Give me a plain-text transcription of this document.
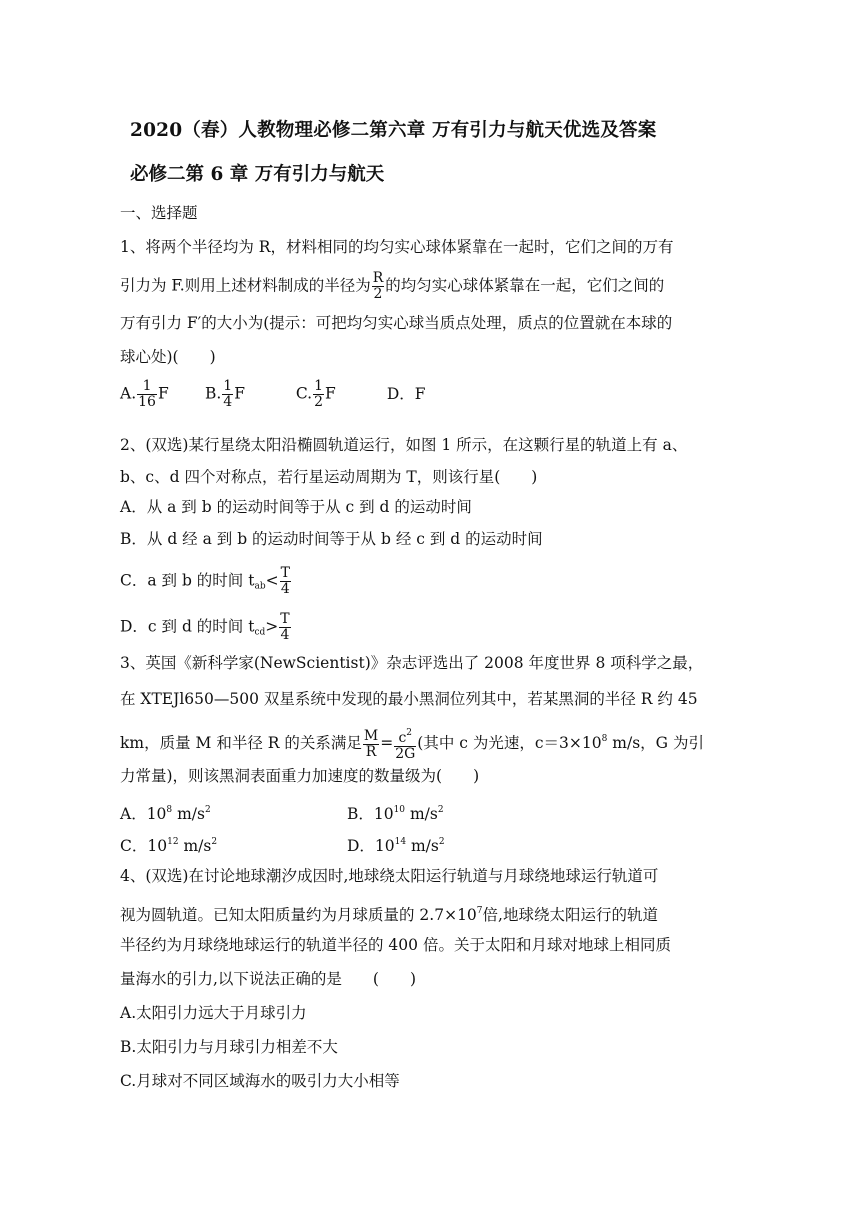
2020（春）人教物理必修二第六章 万有引力与航天优选及答案
必修二第 6 章 万有引力与航天
一、选择题
1、将两个半径均为 R，材料相同的均匀实心球体紧靠在一起时，它们之间的万有
引力为 F.则用上述材料制成的半径为 $\frac{R}{2}$ 的均匀实心球体紧靠在一起，它们之间的
万有引力 F′的大小为(提示：可把均匀实心球当质点处理，质点的位置就在本球的
球心处)(　　)
A. $\frac{1}{16}$ F B. $\frac{1}{4}$ F	C. $\frac{1}{2}$ F	D．F
2、(双选)某行星绕太阳沿椭圆轨道运行，如图 1 所示，在这颗行星的轨道上有 a、
b、c、d 四个对称点，若行星运动周期为 T，则该行星(　　)
A．从 a 到 b 的运动时间等于从 c 到 d 的运动时间
B．从 d 经 a 到 b 的运动时间等于从 b 经 c 到 d 的运动时间
C．a 到 b 的时间 $t_{ab}< \frac{T}{4}$
D．c 到 d 的时间 $t_{cd}> \frac{T}{4}$
3、英国《新科学家(NewScientist)》杂志评选出了 2008 年度世界 8 项科学之最，
在 XTEJl650—500 双星系统中发现的最小黑洞位列其中，若某黑洞的半径 R 约 45
km，质量 M 和半径 R 的关系满足 $\frac{M}{R} = \frac{c^2}{2G}$ (其中 c 为光速，$c=3\times 10^8$ m/s，G 为引
力常量)，则该黑洞表面重力加速度的数量级为(　　)
A．$10^8$ $m/s^2$	B．$10^{10}$ $m/s^2$
C．$10^{12}$ $m/s^2$	D．$10^{14}$ $m/s^2$
4、(双选)在讨论地球潮汐成因时,地球绕太阳运行轨道与月球绕地球运行轨道可
视为圆轨道。已知太阳质量约为月球质量的 $2.7\times 10^7$倍,地球绕太阳运行的轨道
半径约为月球绕地球运行的轨道半径的 400 倍。关于太阳和月球对地球上相同质
量海水的引力,以下说法正确的是　　(　　)
A.太阳引力远大于月球引力
B.太阳引力与月球引力相差不大
C.月球对不同区域海水的吸引力大小相等
